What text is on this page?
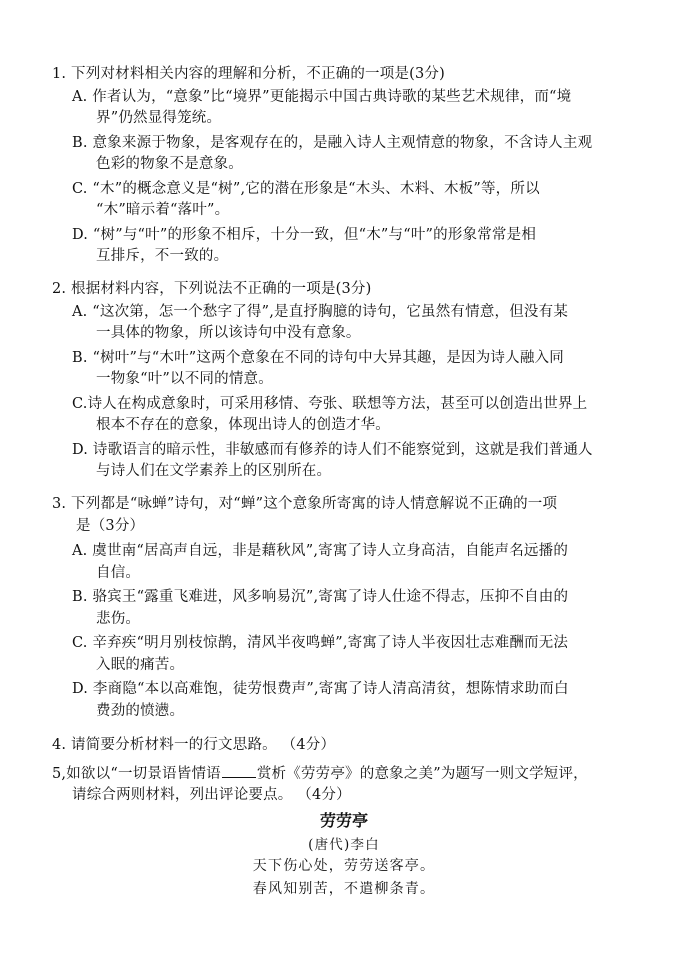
1. 下列对材料相关内容的理解和分析，不正确的一项是(3分)
A. 作者认为，“意象”比“境界”更能揭示中国古典诗歌的某些艺术规律，而“境
界”仍然显得笼统。
B. 意象来源于物象，是客观存在的，是融入诗人主观情意的物象，不含诗人主观
色彩的物象不是意象。
C. “木”的概念意义是“树”,它的潜在形象是“木头、木料、木板”等，所以
“木”暗示着“落叶”。
D. “树”与“叶”的形象不相斥，十分一致，但“木”与“叶”的形象常常是相
互排斥，不一致的。
2. 根据材料内容，下列说法不正确的一项是(3分)
A. “这次第，怎一个愁字了得”,是直抒胸臆的诗句，它虽然有情意，但没有某
一具体的物象，所以该诗句中没有意象。
B. “树叶”与“木叶”这两个意象在不同的诗句中大异其趣，是因为诗人融入同
一物象“叶”以不同的情意。
C.诗人在构成意象时，可采用移情、夸张、联想等方法，甚至可以创造出世界上
根本不存在的意象，体现出诗人的创造才华。
D. 诗歌语言的暗示性，非敏感而有修养的诗人们不能察觉到，这就是我们普通人
与诗人们在文学素养上的区别所在。
3. 下列都是“咏蝉”诗句，对“蝉”这个意象所寄寓的诗人情意解说不正确的一项
是（3分）
A. 虞世南“居高声自远，非是藉秋风”,寄寓了诗人立身高洁，自能声名远播的
自信。
B. 骆宾王“露重飞难进，风多响易沉”,寄寓了诗人仕途不得志，压抑不自由的
悲伤。
C. 辛弃疾“明月别枝惊鹊，清风半夜鸣蝉”,寄寓了诗人半夜因壮志难酬而无法
入眠的痛苦。
D. 李商隐“本以高难饱，徒劳恨费声”,寄寓了诗人清高清贫，想陈情求助而白
费劲的愤懑。
4. 请简要分析材料一的行文思路。 （4分）
5,如欲以“一切景语皆情语 赏析《劳劳亭》的意象之美”为题写一则文学短评，
请综合两则材料，列出评论要点。 （4分）
劳劳亭
(唐代)李白
天下伤心处，劳劳送客亭。
春风知别苦，不遣柳条青。
